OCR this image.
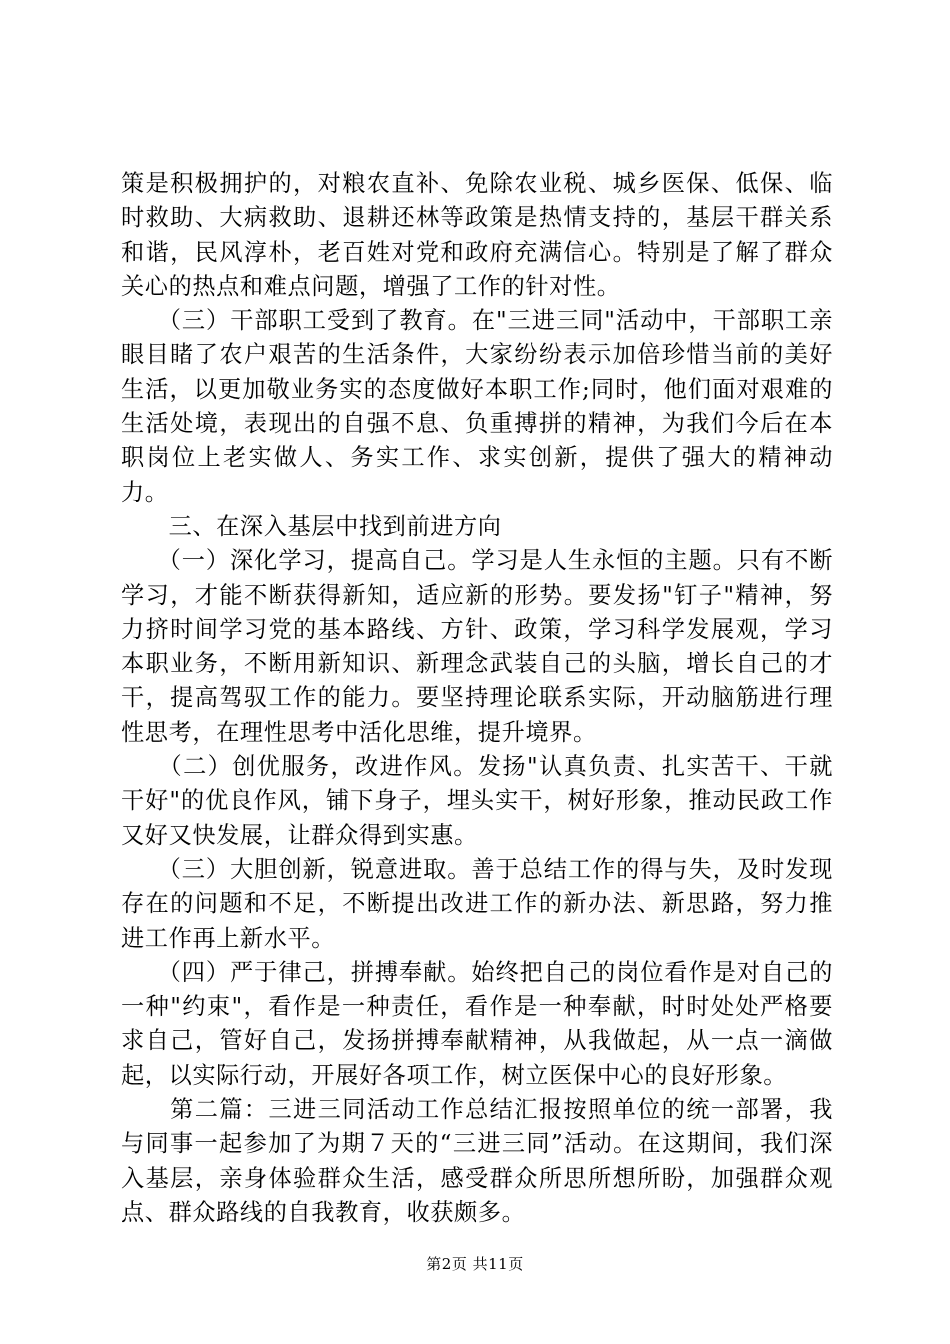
策是积极拥护的，对粮农直补、免除农业税、城乡医保、低保、临时救助、大病救助、退耕还林等政策是热情支持的，基层干群关系和谐，民风淳朴，老百姓对党和政府充满信心。特别是了解了群众关心的热点和难点问题，增强了工作的针对性。

　　（三）干部职工受到了教育。在"三进三同"活动中，干部职工亲眼目睹了农户艰苦的生活条件，大家纷纷表示加倍珍惜当前的美好生活，以更加敬业务实的态度做好本职工作;同时，他们面对艰难的生活处境，表现出的自强不息、负重搏拼的精神，为我们今后在本职岗位上老实做人、务实工作、求实创新，提供了强大的精神动力。

　　三、在深入基层中找到前进方向

　　（一）深化学习，提高自己。学习是人生永恒的主题。只有不断学习，才能不断获得新知，适应新的形势。要发扬"钉子"精神，努力挤时间学习党的基本路线、方针、政策，学习科学发展观，学习本职业务，不断用新知识、新理念武装自己的头脑，增长自己的才干，提高驾驭工作的能力。要坚持理论联系实际，开动脑筋进行理性思考，在理性思考中活化思维，提升境界。

　　（二）创优服务，改进作风。发扬"认真负责、扎实苦干、干就干好"的优良作风，铺下身子，埋头实干，树好形象，推动民政工作又好又快发展，让群众得到实惠。

　　（三）大胆创新，锐意进取。善于总结工作的得与失，及时发现存在的问题和不足，不断提出改进工作的新办法、新思路，努力推进工作再上新水平。

　　（四）严于律己，拼搏奉献。始终把自己的岗位看作是对自己的一种"约束"，看作是一种责任，看作是一种奉献，时时处处严格要求自己，管好自己，发扬拼搏奉献精神，从我做起，从一点一滴做起，以实际行动，开展好各项工作，树立医保中心的良好形象。

　　第二篇：三进三同活动工作总结汇报按照单位的统一部署，我与同事一起参加了为期７天的“三进三同”活动。在这期间，我们深入基层，亲身体验群众生活，感受群众所思所想所盼，加强群众观点、群众路线的自我教育，收获颇多。

第2页 共11页
